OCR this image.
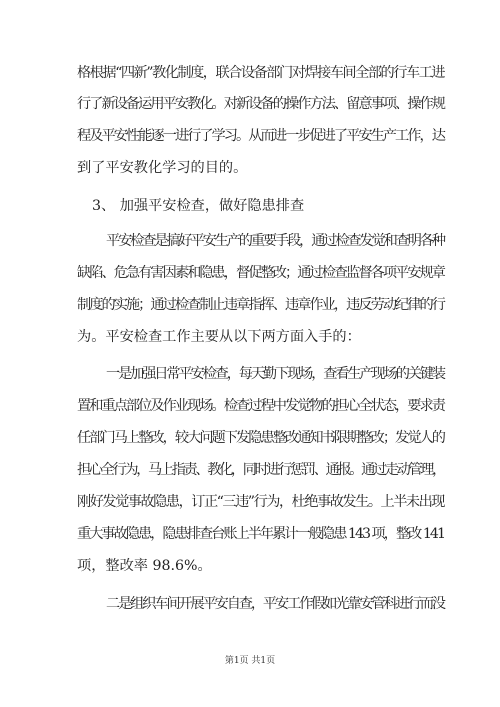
格根据“四新”教化制度，联合设备部门对焊接车间全部的行车工进
行了新设备运用平安教化。对新设备的操作方法、留意事项、操作规
程及平安性能逐一进行了学习。从而进一步促进了平安生产工作，达
到了平安教化学习的目的。
3、 加强平安检查，做好隐患排查
平安检查是搞好平安生产的重要手段，通过检查发觉和查明各种
缺陷、危急有害因素和隐患，督促整改；通过检查监督各项平安规章
制度的实施；通过检查制止违章指挥、违章作业，违反劳动纪律的行
为。平安检查工作主要从以下两方面入手的：
一是加强日常平安检查，每天勤下现场，查看生产现场的关键装
置和重点部位及作业现场。检查过程中发觉物的担心全状态，要求责
任部门马上整改，较大问题下发隐患整改通知书限期整改；发觉人的
担心全行为，马上指责、教化，同时进行惩罚、通报。通过走动管理，
刚好发觉事故隐患，订正“三违”行为，杜绝事故发生。上半未出现
重大事故隐患，隐患排查台账上半年累计一般隐患 143 项，整改 141
项，整改率 98.6%。
二是组织车间开展平安自查，平安工作假如光靠安管科进行而没
第1页 共1页
